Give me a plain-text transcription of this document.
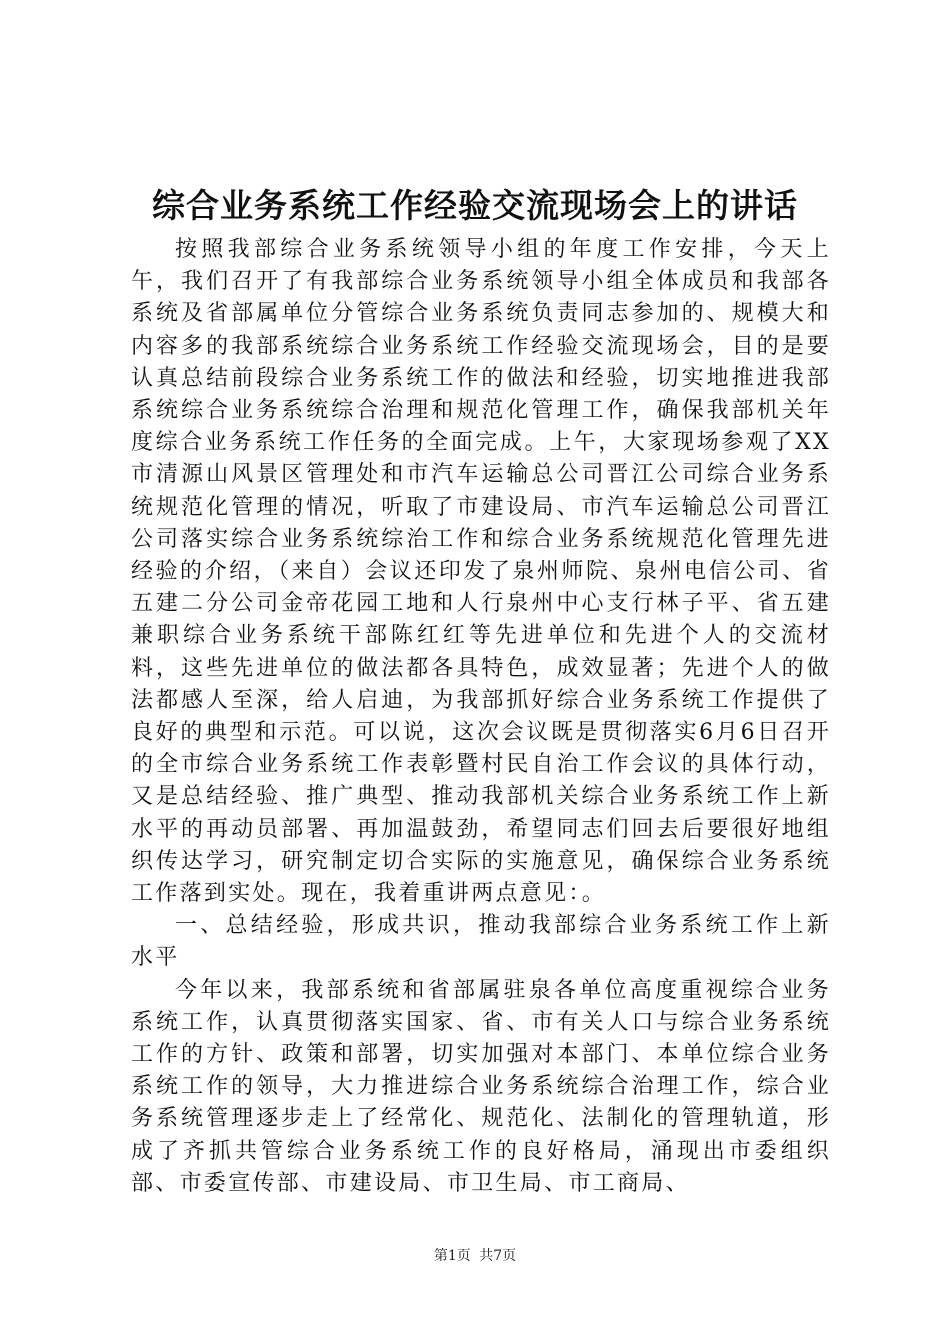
综合业务系统工作经验交流现场会上的讲话

按照我部综合业务系统领导小组的年度工作安排，今天上午，我们召开了有我部综合业务系统领导小组全体成员和我部各系统及省部属单位分管综合业务系统负责同志参加的、规模大和内容多的我部系统综合业务系统工作经验交流现场会，目的是要认真总结前段综合业务系统工作的做法和经验，切实地推进我部系统综合业务系统综合治理和规范化管理工作，确保我部机关年度综合业务系统工作任务的全面完成。上午，大家现场参观了XX市清源山风景区管理处和市汽车运输总公司晋江公司综合业务系统规范化管理的情况，听取了市建设局、市汽车运输总公司晋江公司落实综合业务系统综治工作和综合业务系统规范化管理先进经验的介绍，（来自）会议还印发了泉州师院、泉州电信公司、省五建二分公司金帝花园工地和人行泉州中心支行林子平、省五建兼职综合业务系统干部陈红红等先进单位和先进个人的交流材料，这些先进单位的做法都各具特色，成效显著；先进个人的做法都感人至深，给人启迪，为我部抓好综合业务系统工作提供了良好的典型和示范。可以说，这次会议既是贯彻落实6月6日召开的全市综合业务系统工作表彰暨村民自治工作会议的具体行动，又是总结经验、推广典型、推动我部机关综合业务系统工作上新水平的再动员部署、再加温鼓劲，希望同志们回去后要很好地组织传达学习，研究制定切合实际的实施意见，确保综合业务系统工作落到实处。现在，我着重讲两点意见：。

一、总结经验，形成共识，推动我部综合业务系统工作上新水平

今年以来，我部系统和省部属驻泉各单位高度重视综合业务系统工作，认真贯彻落实国家、省、市有关人口与综合业务系统工作的方针、政策和部署，切实加强对本部门、本单位综合业务系统工作的领导，大力推进综合业务系统综合治理工作，综合业务系统管理逐步走上了经常化、规范化、法制化的管理轨道，形成了齐抓共管综合业务系统工作的良好格局，涌现出市委组织部、市委宣传部、市建设局、市卫生局、市工商局、

第1页 共7页
